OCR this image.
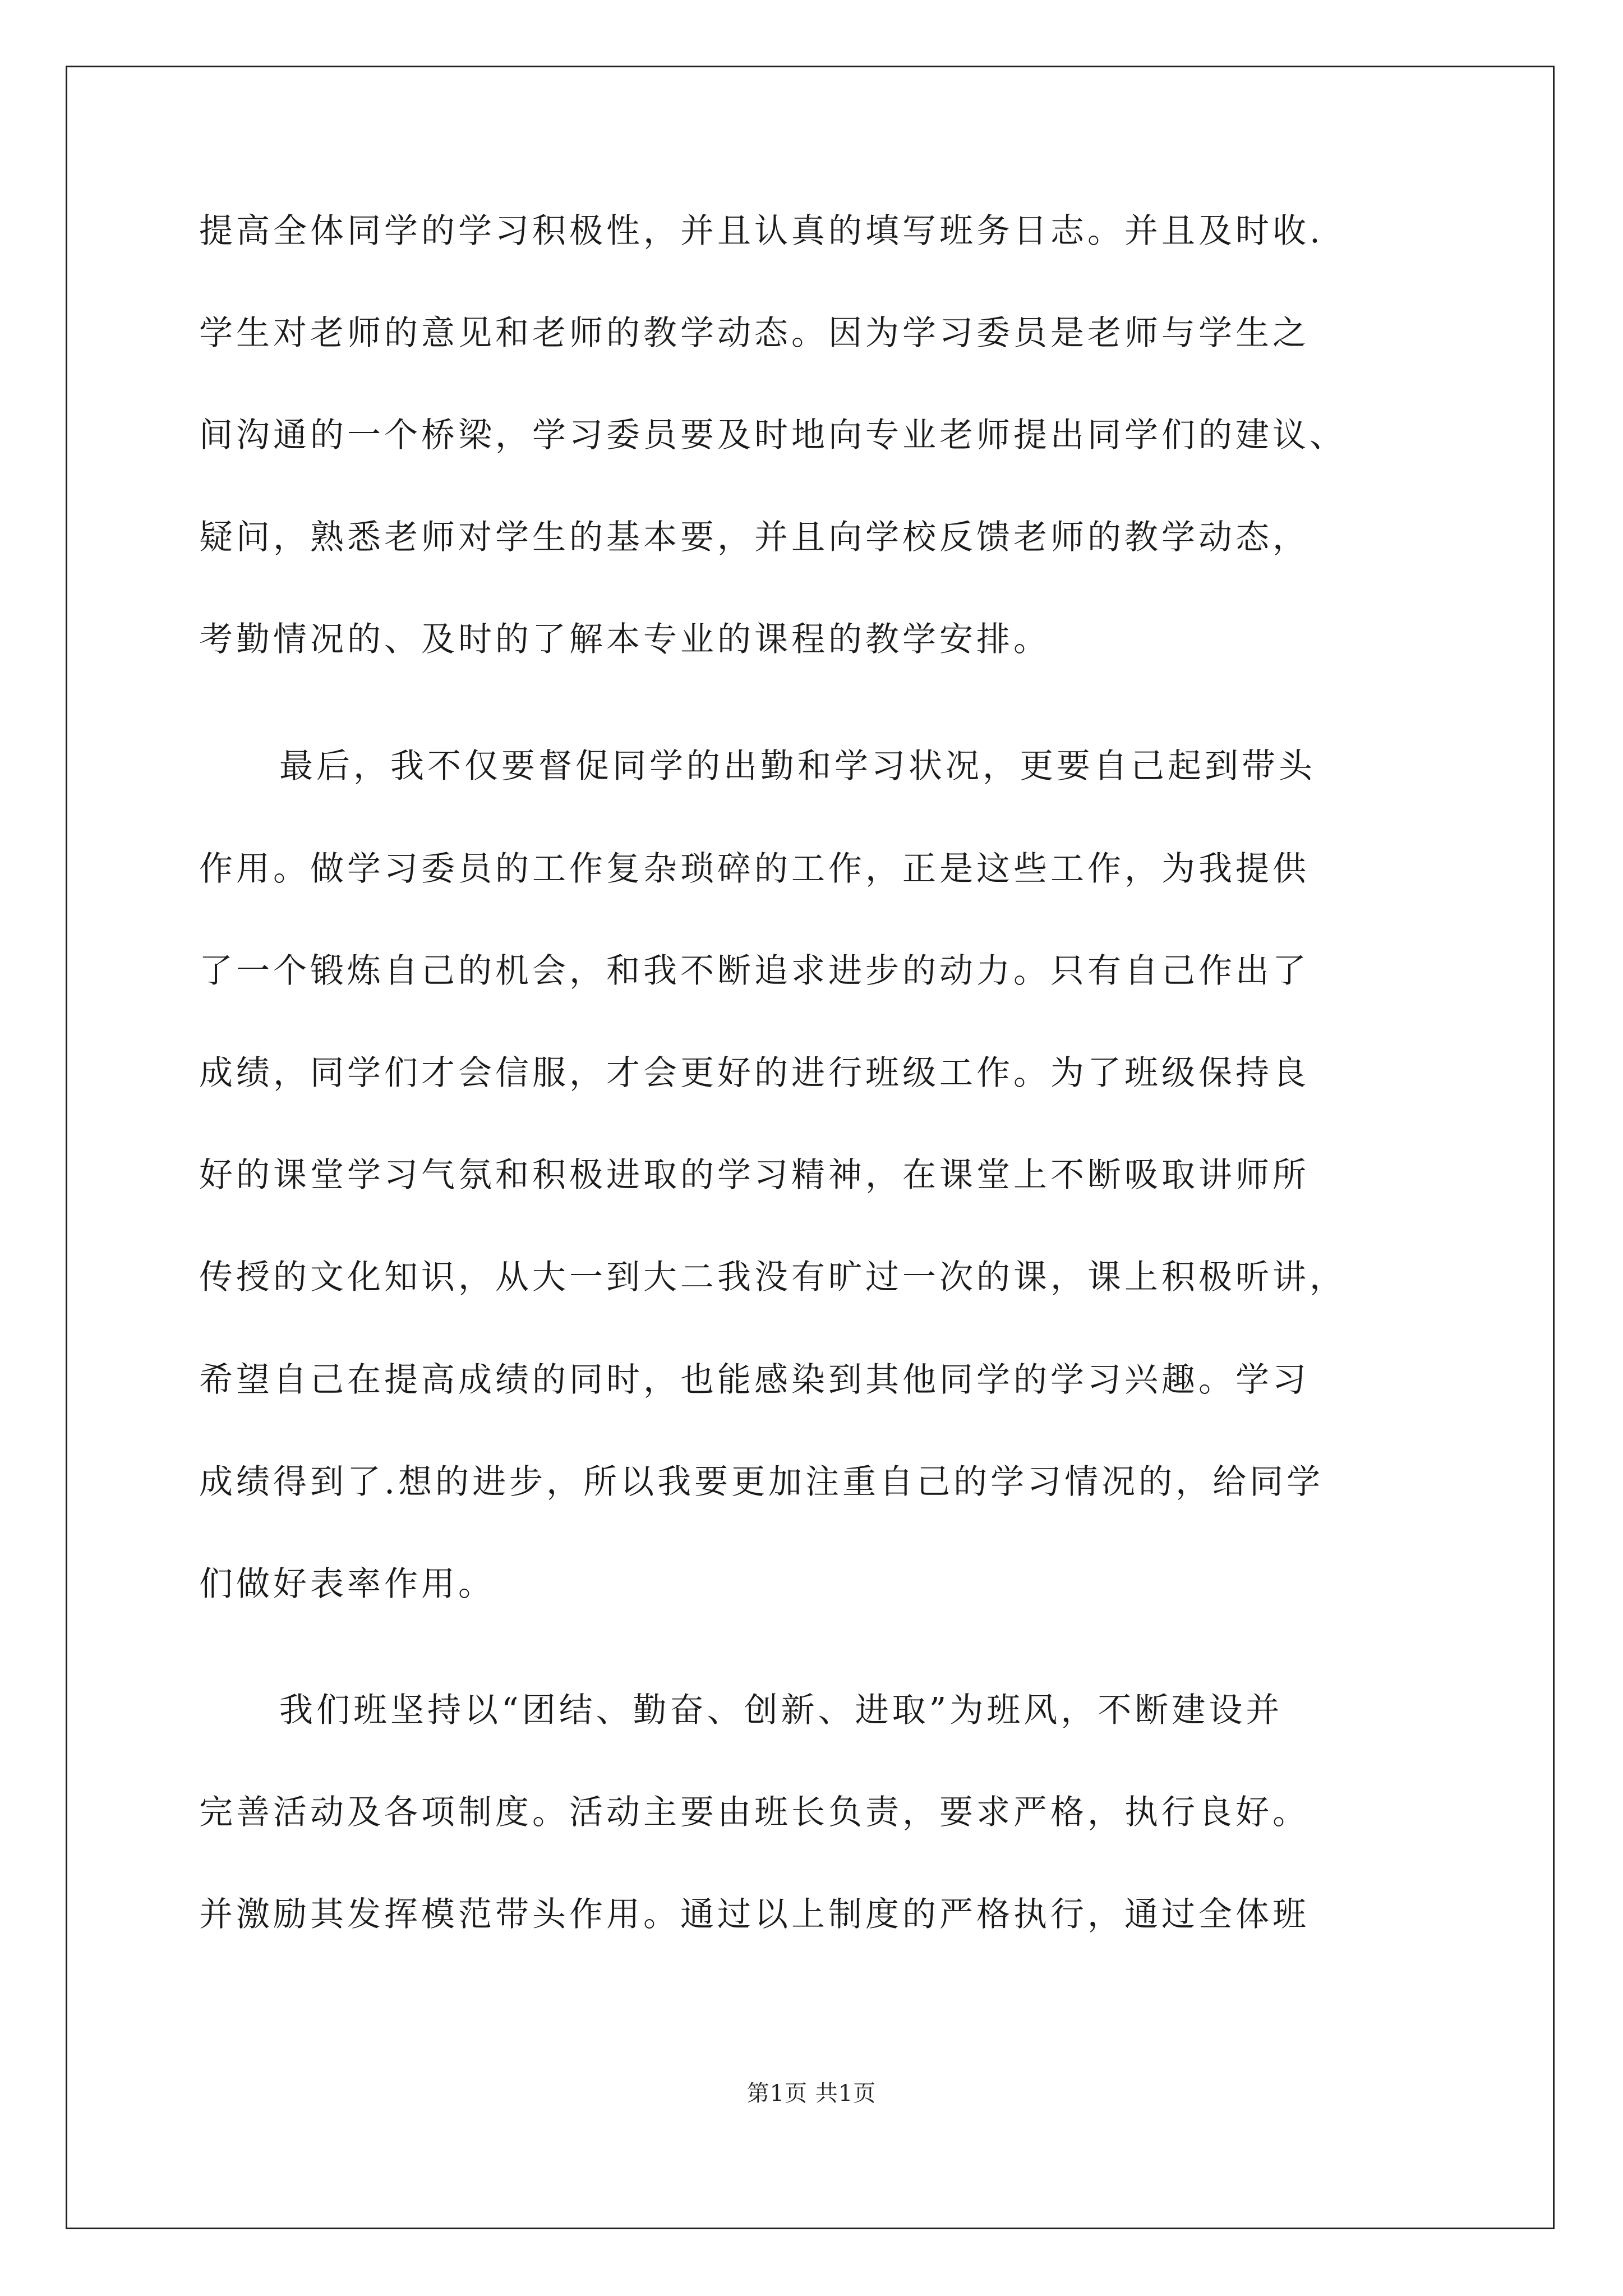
提高全体同学的学习积极性，并且认真的填写班务日志。并且及时收.
学生对老师的意见和老师的教学动态。因为学习委员是老师与学生之
间沟通的一个桥梁，学习委员要及时地向专业老师提出同学们的建议、
疑问，熟悉老师对学生的基本要，并且向学校反馈老师的教学动态，
考勤情况的、及时的了解本专业的课程的教学安排。
最后，我不仅要督促同学的出勤和学习状况，更要自己起到带头
作用。做学习委员的工作复杂琐碎的工作，正是这些工作，为我提供
了一个锻炼自己的机会，和我不断追求进步的动力。只有自己作出了
成绩，同学们才会信服，才会更好的进行班级工作。为了班级保持良
好的课堂学习气氛和积极进取的学习精神，在课堂上不断吸取讲师所
传授的文化知识，从大一到大二我没有旷过一次的课，课上积极听讲，
希望自己在提高成绩的同时，也能感染到其他同学的学习兴趣。学习
成绩得到了.想的进步，所以我要更加注重自己的学习情况的，给同学
们做好表率作用。
我们班坚持以“团结、勤奋、创新、进取”为班风，不断建设并
完善活动及各项制度。活动主要由班长负责，要求严格，执行良好。
并激励其发挥模范带头作用。通过以上制度的严格执行，通过全体班
第1页 共1页
